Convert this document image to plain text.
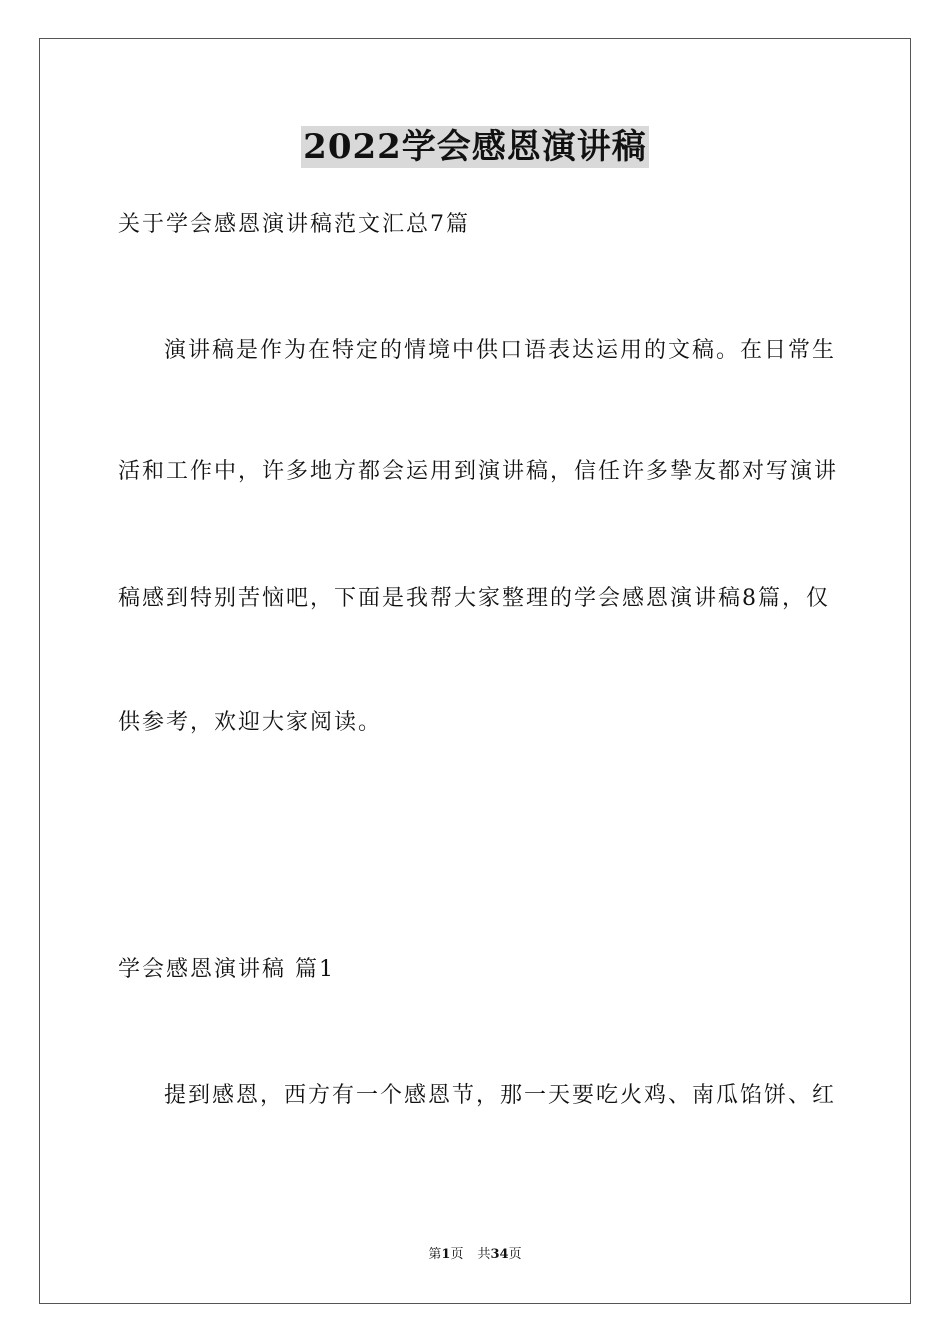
2022学会感恩演讲稿
关于学会感恩演讲稿范文汇总7篇
演讲稿是作为在特定的情境中供口语表达运用的文稿。在日常生
活和工作中，许多地方都会运用到演讲稿，信任许多挚友都对写演讲
稿感到特别苦恼吧，下面是我帮大家整理的学会感恩演讲稿8篇，仅
供参考，欢迎大家阅读。
学会感恩演讲稿 篇1
提到感恩，西方有一个感恩节，那一天要吃火鸡、南瓜馅饼、红
第1页 共34页
